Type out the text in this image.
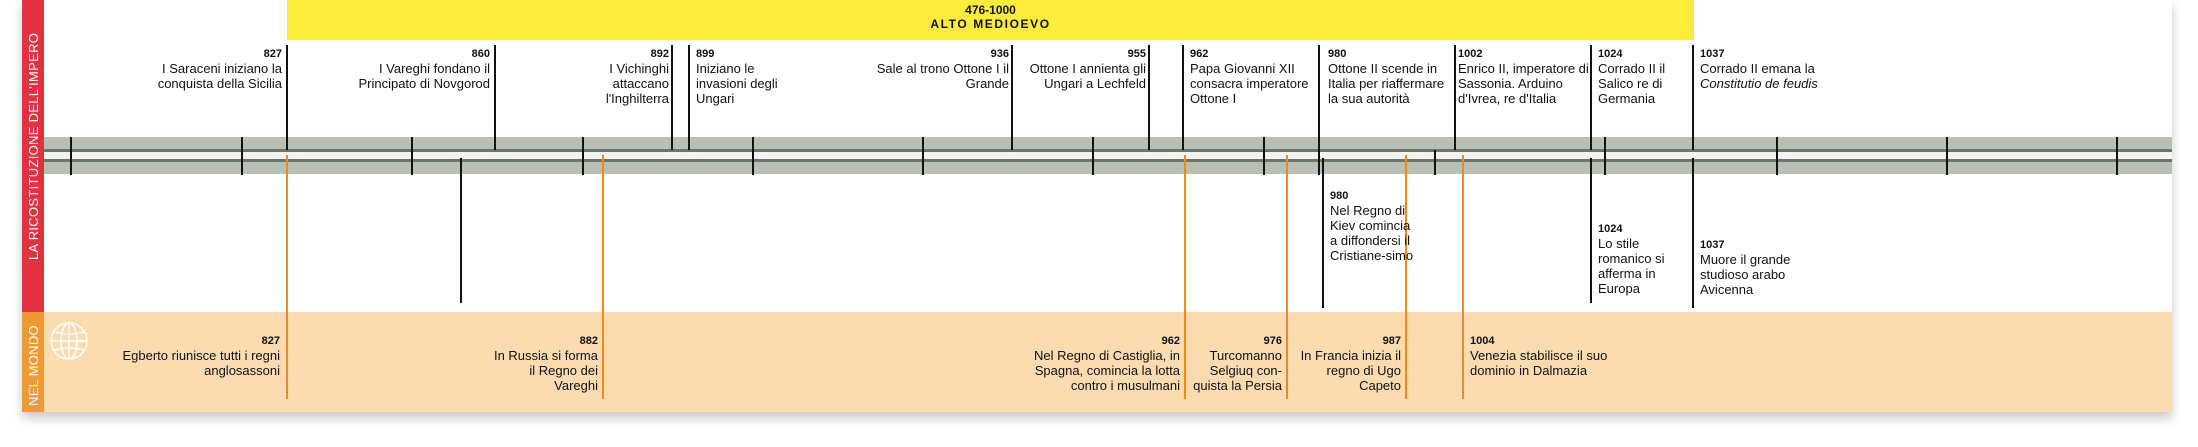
LA RICOSTITUZIONE DELL'IMPERO
NEL MONDO
476-1000
ALTO MEDIOEVO
827
I Saraceni iniziano la conquista della Sicilia
860
I Vareghi fondano il Principato di Novgorod
892
I Vichinghi attaccano l'Inghilterra
899
Iniziano le invasioni degli Ungari
936
Sale al trono Ottone I il Grande
955
Ottone I annienta gli Ungari a Lechfeld
962
Papa Giovanni XII consacra imperatore Ottone I
980
Ottone II scende in Italia per riaffermare la sua autorità
1002
Enrico II, imperatore di Sassonia. Arduino d'Ivrea, re d'Italia
1024
Corrado II il Salico re di Germania
1037
Corrado II emana la
Constitutio de feudis
980
Nel Regno di Kiev comincia a diffondersi il Cristiane-simo
1024
Lo stile romanico si afferma in Europa
1037
Muore il grande studioso arabo Avicenna
827
Egberto riunisce tutti i regni anglosassoni
882
In Russia si forma il Regno dei Vareghi
962
Nel Regno di Castiglia, in Spagna, comincia la lotta contro i musulmani
976
Turcomanno Selgiuq con-quista la Persia
987
In Francia inizia il regno di Ugo Capeto
1004
Venezia stabilisce il suo dominio in Dalmazia
